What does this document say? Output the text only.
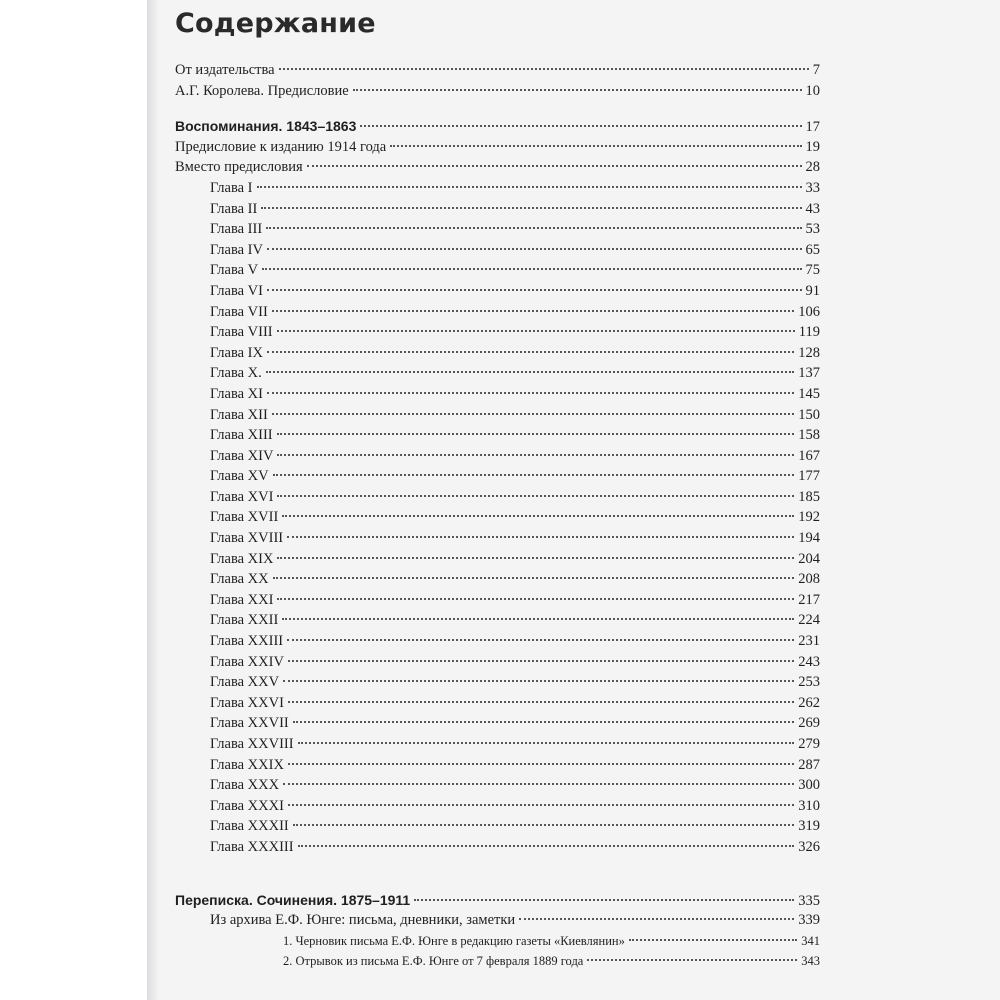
Содержание
От издательства	7
А.Г. Королева. Предисловие	10
Воспоминания. 1843–1863	17
Предисловие к изданию 1914 года	19
Вместо предисловия	28
Глава I	33
Глава II	43
Глава III	53
Глава IV	65
Глава V	75
Глава VI	91
Глава VII	106
Глава VIII	119
Глава IX	128
Глава X.	137
Глава XI	145
Глава XII	150
Глава XIII	158
Глава XIV	167
Глава XV	177
Глава XVI	185
Глава XVII	192
Глава XVIII	194
Глава XIX	204
Глава XX	208
Глава XXI	217
Глава XXII	224
Глава XXIII	231
Глава XXIV	243
Глава XXV	253
Глава XXVI	262
Глава XXVII	269
Глава XXVIII	279
Глава XXIX	287
Глава XXX	300
Глава XXXI	310
Глава XXXII	319
Глава XXXIII	326
Переписка. Сочинения. 1875–1911	335
Из архива Е.Ф. Юнге: письма, дневники, заметки	339
1. Черновик письма Е.Ф. Юнге в редакцию газеты «Киевлянин»	341
2. Отрывок из письма Е.Ф. Юнге от 7 февраля 1889 года	343
